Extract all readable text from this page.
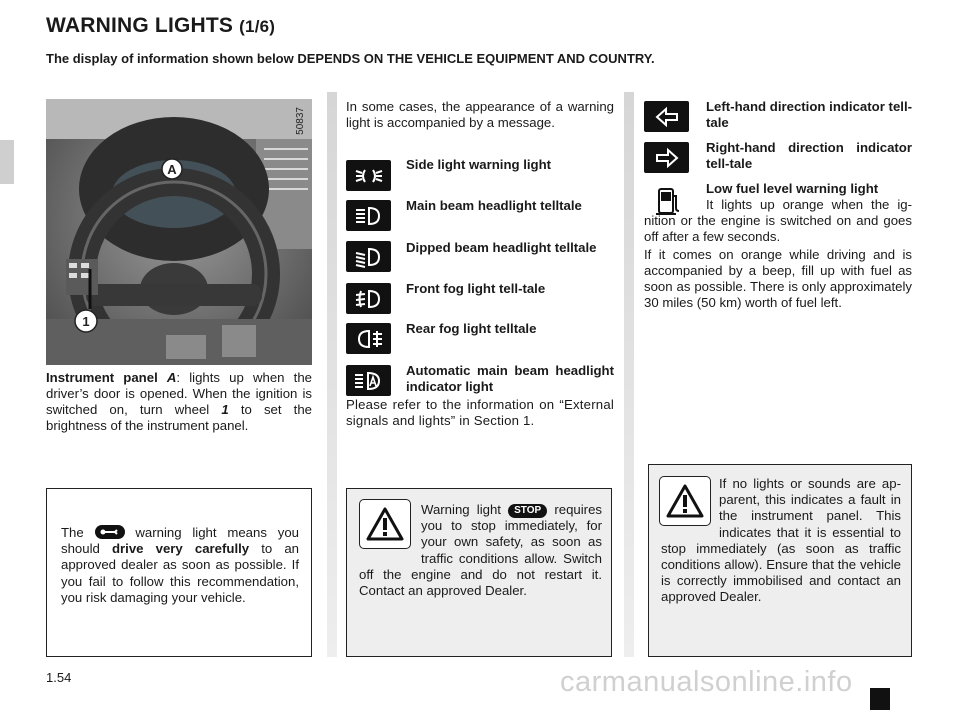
WARNING LIGHTS (1/6)
The display of information shown below DEPENDS ON THE VEHICLE EQUIPMENT AND COUNTRY.
A
1
50837
Instrument panel A: lights up when the driver’s door is opened. When the ignition is switched on, turn wheel 1 to set the brightness of the instrument panel.
In some cases, the appearance of a warning light is accompanied by a message.
Side light warning light
Main beam headlight telltale
Dipped beam headlight telltale
Front fog light tell-tale
Rear fog light telltale
Automatic main beam headlight indicator light
Please refer to the information on “External signals and lights” in Section 1.
Left-hand direction indicator tell-tale
Right-hand direction indicator tell-tale
Low fuel level warning light
It lights up orange when the ignition or the engine is switched on and goes off after a few seconds.
If it comes on orange while driving and is accompanied by a beep, fill up with fuel as soon as possible. There is only approximately 30 miles (50 km) worth of fuel left.
The
warning light means you should drive very carefully to an approved dealer as soon as possible. If you fail to follow this recommendation, you risk damaging your vehicle.
Warning light STOP requires you to stop immediately, for your own safety, as soon as traffic conditions allow. Switch off the engine and do not restart it. Contact an approved Dealer.
If no lights or sounds are apparent, this indicates a fault in the instrument panel. This indicates that it is essential to stop immediately (as soon as traffic conditions allow). Ensure that the vehicle is correctly immobilised and contact an approved Dealer.
1.54	carmanualsonline.info
